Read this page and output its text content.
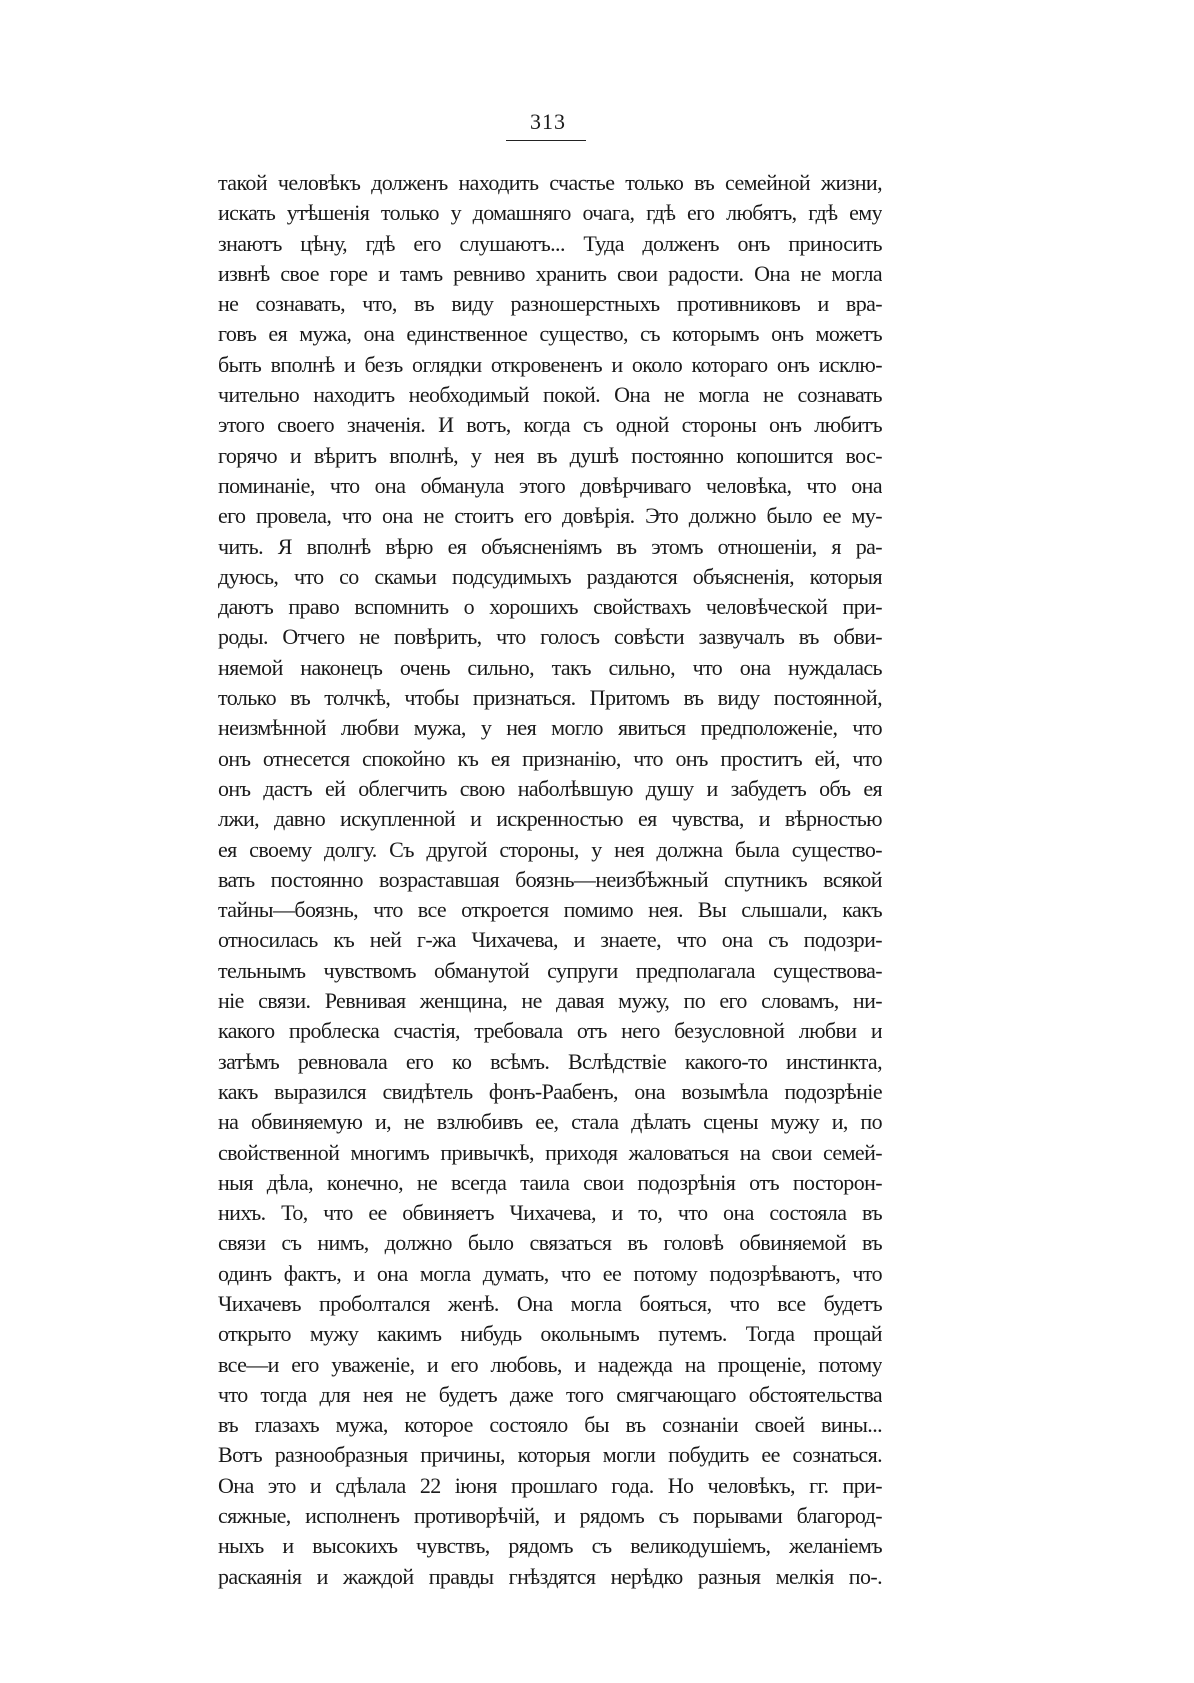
313
такой человѣкъ долженъ находить счастье только въ семейной жизни,
искать утѣшенія только у домашняго очага, гдѣ его любятъ, гдѣ ему
знаютъ цѣну, гдѣ его слушаютъ... Туда долженъ онъ приносить
извнѣ свое горе и тамъ ревниво хранить свои радости. Она не могла
не сознавать, что, въ виду разношерстныхъ противниковъ и вра-
говъ ея мужа, она единственное существо, съ которымъ онъ можетъ
быть вполнѣ и безъ оглядки откровененъ и около котораго онъ исклю-
чительно находитъ необходимый покой. Она не могла не сознавать
этого своего значенія. И вотъ, когда съ одной стороны онъ любитъ
горячо и вѣритъ вполнѣ, у нея въ душѣ постоянно копошится вос-
поминаніе, что она обманула этого довѣрчиваго человѣка, что она
его провела, что она не стоитъ его довѣрія. Это должно было ее му-
чить. Я вполнѣ вѣрю ея объясненіямъ въ этомъ отношеніи, я ра-
дуюсь, что со скамьи подсудимыхъ раздаются объясненія, которыя
даютъ право вспомнить о хорошихъ свойствахъ человѣческой при-
роды. Отчего не повѣрить, что голосъ совѣсти зазвучалъ въ обви-
няемой наконецъ очень сильно, такъ сильно, что она нуждалась
только въ толчкѣ, чтобы признаться. Притомъ въ виду постоянной,
неизмѣнной любви мужа, у нея могло явиться предположеніе, что
онъ отнесется спокойно къ ея признанію, что онъ проститъ ей, что
онъ дастъ ей облегчить свою наболѣвшую душу и забудетъ объ ея
лжи, давно искупленной и искренностью ея чувства, и вѣрностью
ея своему долгу. Съ другой стороны, у нея должна была существо-
вать постоянно возраставшая боязнь—неизбѣжный спутникъ всякой
тайны—боязнь, что все откроется помимо нея. Вы слышали, какъ
относилась къ ней г-жа Чихачева, и знаете, что она съ подозри-
тельнымъ чувствомъ обманутой супруги предполагала существова-
ніе связи. Ревнивая женщина, не давая мужу, по его словамъ, ни-
какого проблеска счастія, требовала отъ него безусловной любви и
затѣмъ ревновала его ко всѣмъ. Вслѣдствіе какого-то инстинкта,
какъ выразился свидѣтель фонъ-Раабенъ, она возымѣла подозрѣніе
на обвиняемую и, не взлюбивъ ее, стала дѣлать сцены мужу и, по
свойственной многимъ привычкѣ, приходя жаловаться на свои семей-
ныя дѣла, конечно, не всегда таила свои подозрѣнія отъ посторон-
нихъ. То, что ее обвиняетъ Чихачева, и то, что она состояла въ
связи съ нимъ, должно было связаться въ головѣ обвиняемой въ
одинъ фактъ, и она могла думать, что ее потому подозрѣваютъ, что
Чихачевъ проболтался женѣ. Она могла бояться, что все будетъ
открыто мужу какимъ нибудь окольнымъ путемъ. Тогда прощай
все—и его уваженіе, и его любовь, и надежда на прощеніе, потому
что тогда для нея не будетъ даже того смягчающаго обстоятельства
въ глазахъ мужа, которое состояло бы въ сознаніи своей вины...
Вотъ разнообразныя причины, которыя могли побудить ее сознаться.
Она это и сдѣлала 22 іюня прошлаго года. Но человѣкъ, гг. при-
сяжные, исполненъ противорѣчій, и рядомъ съ порывами благород-
ныхъ и высокихъ чувствъ, рядомъ съ великодушіемъ, желаніемъ
раскаянія и жаждой правды гнѣздятся нерѣдко разныя мелкія по-.
